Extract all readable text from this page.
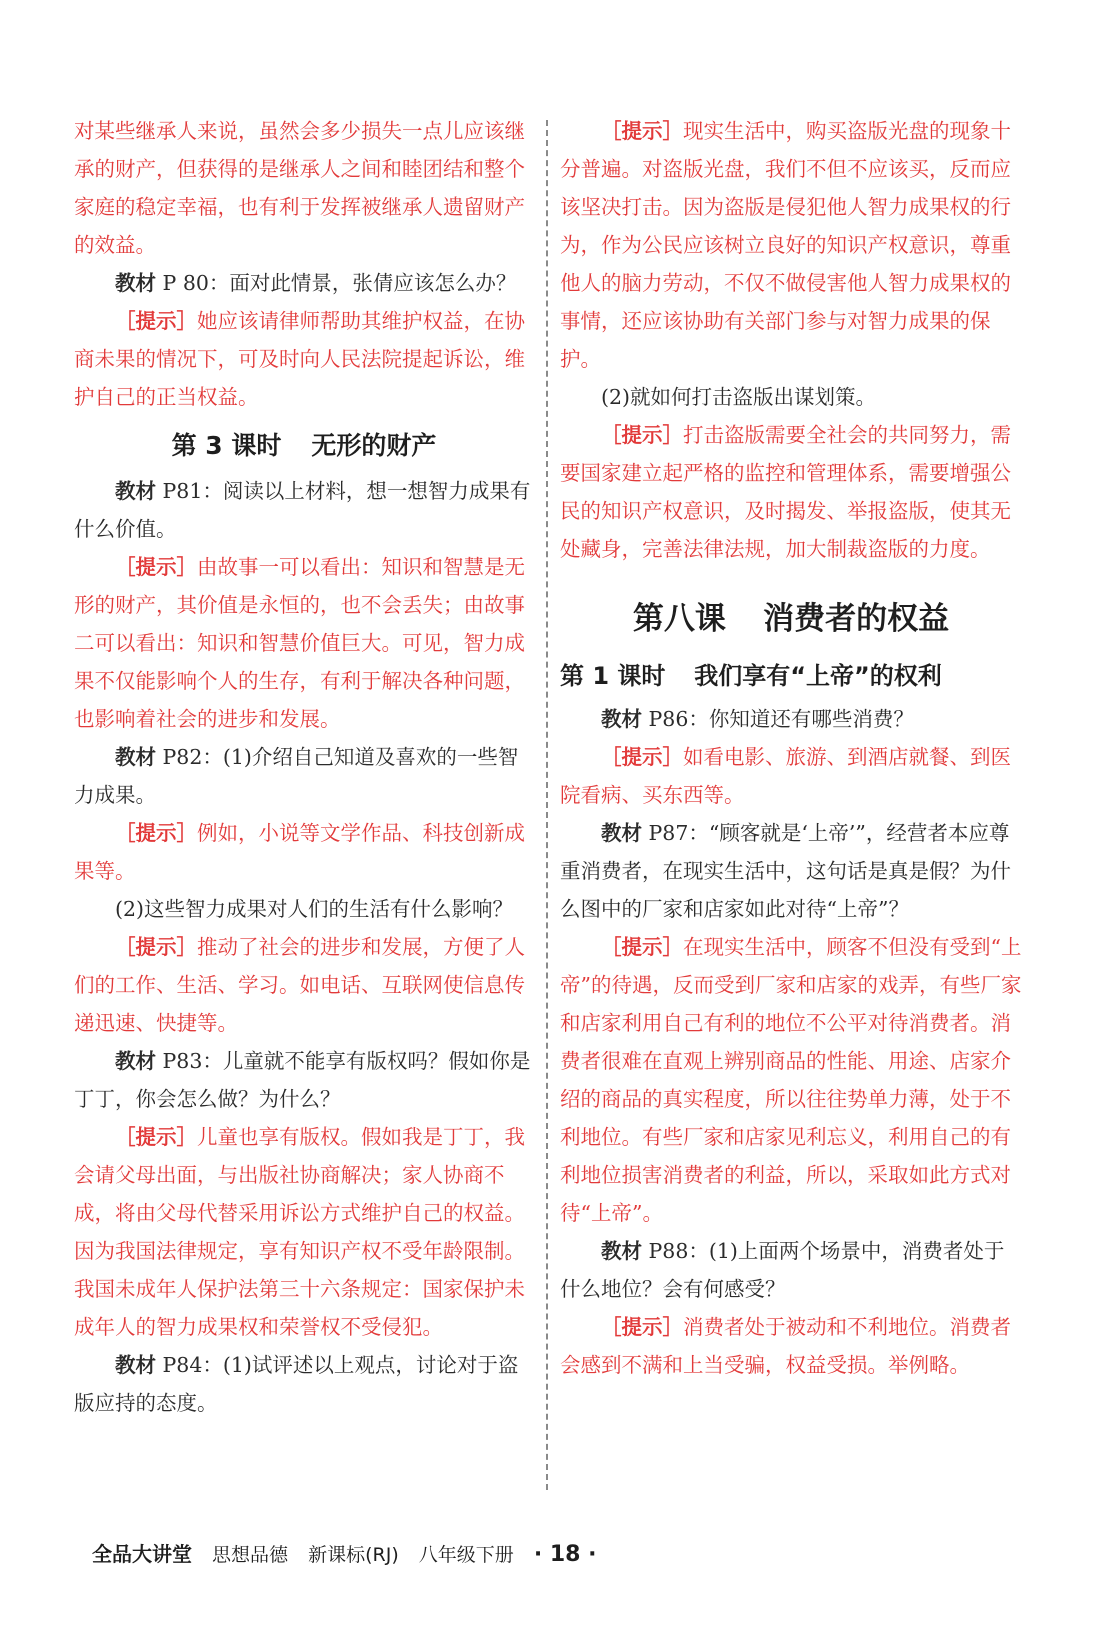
对某些继承人来说，虽然会多少损失一点儿应该继承的财产，但获得的是继承人之间和睦团结和整个家庭的稳定幸福，也有利于发挥被继承人遗留财产的效益。

教材 P 80：面对此情景，张倩应该怎么办？

［提示］她应该请律师帮助其维护权益，在协商未果的情况下，可及时向人民法院提起诉讼，维护自己的正当权益。

第 3 课时 无形的财产

教材 P81：阅读以上材料，想一想智力成果有什么价值。

［提示］由故事一可以看出：知识和智慧是无形的财产，其价值是永恒的，也不会丢失；由故事二可以看出：知识和智慧价值巨大。可见，智力成果不仅能影响个人的生存，有利于解决各种问题，也影响着社会的进步和发展。

教材 P82：(1)介绍自己知道及喜欢的一些智力成果。

［提示］例如，小说等文学作品、科技创新成果等。

(2)这些智力成果对人们的生活有什么影响？

［提示］推动了社会的进步和发展，方便了人们的工作、生活、学习。如电话、互联网使信息传递迅速、快捷等。

教材 P83：儿童就不能享有版权吗？假如你是丁丁，你会怎么做？为什么？

［提示］儿童也享有版权。假如我是丁丁，我会请父母出面，与出版社协商解决；家人协商不成，将由父母代替采用诉讼方式维护自己的权益。因为我国法律规定，享有知识产权不受年龄限制。我国未成年人保护法第三十六条规定：国家保护未成年人的智力成果权和荣誉权不受侵犯。

教材 P84：(1)试评述以上观点，讨论对于盗版应持的态度。

［提示］现实生活中，购买盗版光盘的现象十分普遍。对盗版光盘，我们不但不应该买，反而应该坚决打击。因为盗版是侵犯他人智力成果权的行为，作为公民应该树立良好的知识产权意识，尊重他人的脑力劳动，不仅不做侵害他人智力成果权的事情，还应该协助有关部门参与对智力成果的保护。

(2)就如何打击盗版出谋划策。

［提示］打击盗版需要全社会的共同努力，需要国家建立起严格的监控和管理体系，需要增强公民的知识产权意识，及时揭发、举报盗版，使其无处藏身，完善法律法规，加大制裁盗版的力度。

第八课 消费者的权益
第 1 课时 我们享有“上帝”的权利

教材 P86：你知道还有哪些消费？

［提示］如看电影、旅游、到酒店就餐、到医院看病、买东西等。

教材 P87：“顾客就是‘上帝’”，经营者本应尊重消费者，在现实生活中，这句话是真是假？为什么图中的厂家和店家如此对待“上帝”？

［提示］在现实生活中，顾客不但没有受到“上帝”的待遇，反而受到厂家和店家的戏弄，有些厂家和店家利用自己有利的地位不公平对待消费者。消费者很难在直观上辨别商品的性能、用途、店家介绍的商品的真实程度，所以往往势单力薄，处于不利地位。有些厂家和店家见利忘义，利用自己的有利地位损害消费者的利益，所以，采取如此方式对待“上帝”。

教材 P88：(1)上面两个场景中，消费者处于什么地位？会有何感受？

［提示］消费者处于被动和不利地位。消费者会感到不满和上当受骗，权益受损。举例略。

全品大讲堂 思想品德 新课标(RJ) 八年级下册 · 18 ·
